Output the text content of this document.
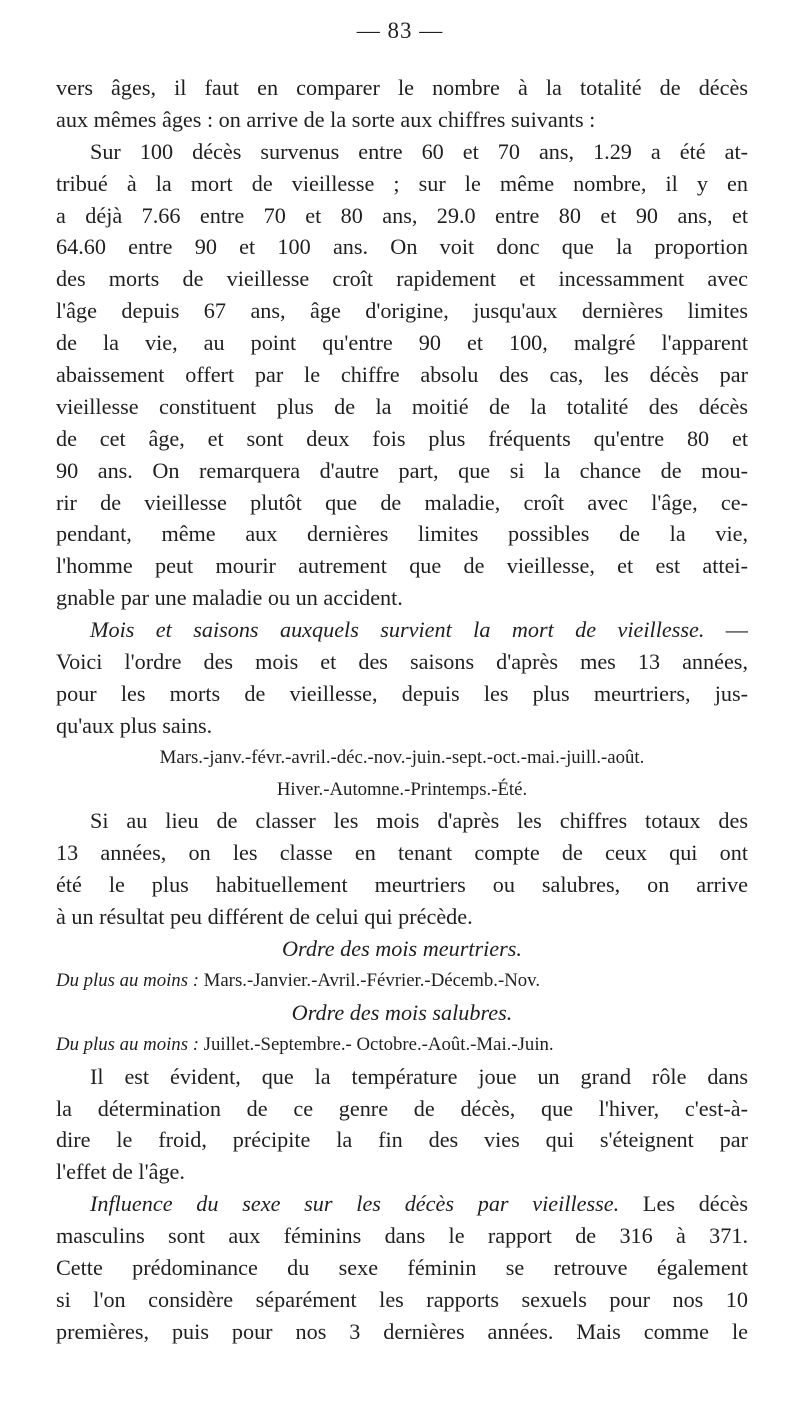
— 83 —
vers âges, il faut en comparer le nombre à la totalité de décès
aux mêmes âges : on arrive de la sorte aux chiffres suivants :
Sur 100 décès survenus entre 60 et 70 ans, 1.29 a été at-
tribué à la mort de vieillesse ; sur le même nombre, il y en
a déjà 7.66 entre 70 et 80 ans, 29.0 entre 80 et 90 ans, et
64.60 entre 90 et 100 ans. On voit donc que la proportion
des morts de vieillesse croît rapidement et incessamment avec
l'âge depuis 67 ans, âge d'origine, jusqu'aux dernières limites
de la vie, au point qu'entre 90 et 100, malgré l'apparent
abaissement offert par le chiffre absolu des cas, les décès par
vieillesse constituent plus de la moitié de la totalité des décès
de cet âge, et sont deux fois plus fréquents qu'entre 80 et
90 ans. On remarquera d'autre part, que si la chance de mou-
rir de vieillesse plutôt que de maladie, croît avec l'âge, ce-
pendant, même aux dernières limites possibles de la vie,
l'homme peut mourir autrement que de vieillesse, et est attei-
gnable par une maladie ou un accident.
Mois et saisons auxquels survient la mort de vieillesse. —
Voici l'ordre des mois et des saisons d'après mes 13 années,
pour les morts de vieillesse, depuis les plus meurtriers, jus-
qu'aux plus sains.
Mars.-janv.-févr.-avril.-déc.-nov.-juin.-sept.-oct.-mai.-juill.-août.
Hiver.-Automne.-Printemps.-Été.
Si au lieu de classer les mois d'après les chiffres totaux des
13 années, on les classe en tenant compte de ceux qui ont
été le plus habituellement meurtriers ou salubres, on arrive
à un résultat peu différent de celui qui précède.
Ordre des mois meurtriers.
Du plus au moins : Mars.-Janvier.-Avril.-Février.-Décemb.-Nov.
Ordre des mois salubres.
Du plus au moins : Juillet.-Septembre.- Octobre.-Août.-Mai.-Juin.
Il est évident, que la température joue un grand rôle dans
la détermination de ce genre de décès, que l'hiver, c'est-à-
dire le froid, précipite la fin des vies qui s'éteignent par
l'effet de l'âge.
Influence du sexe sur les décès par vieillesse. Les décès
masculins sont aux féminins dans le rapport de 316 à 371.
Cette prédominance du sexe féminin se retrouve également
si l'on considère séparément les rapports sexuels pour nos 10
premières, puis pour nos 3 dernières années. Mais comme le
